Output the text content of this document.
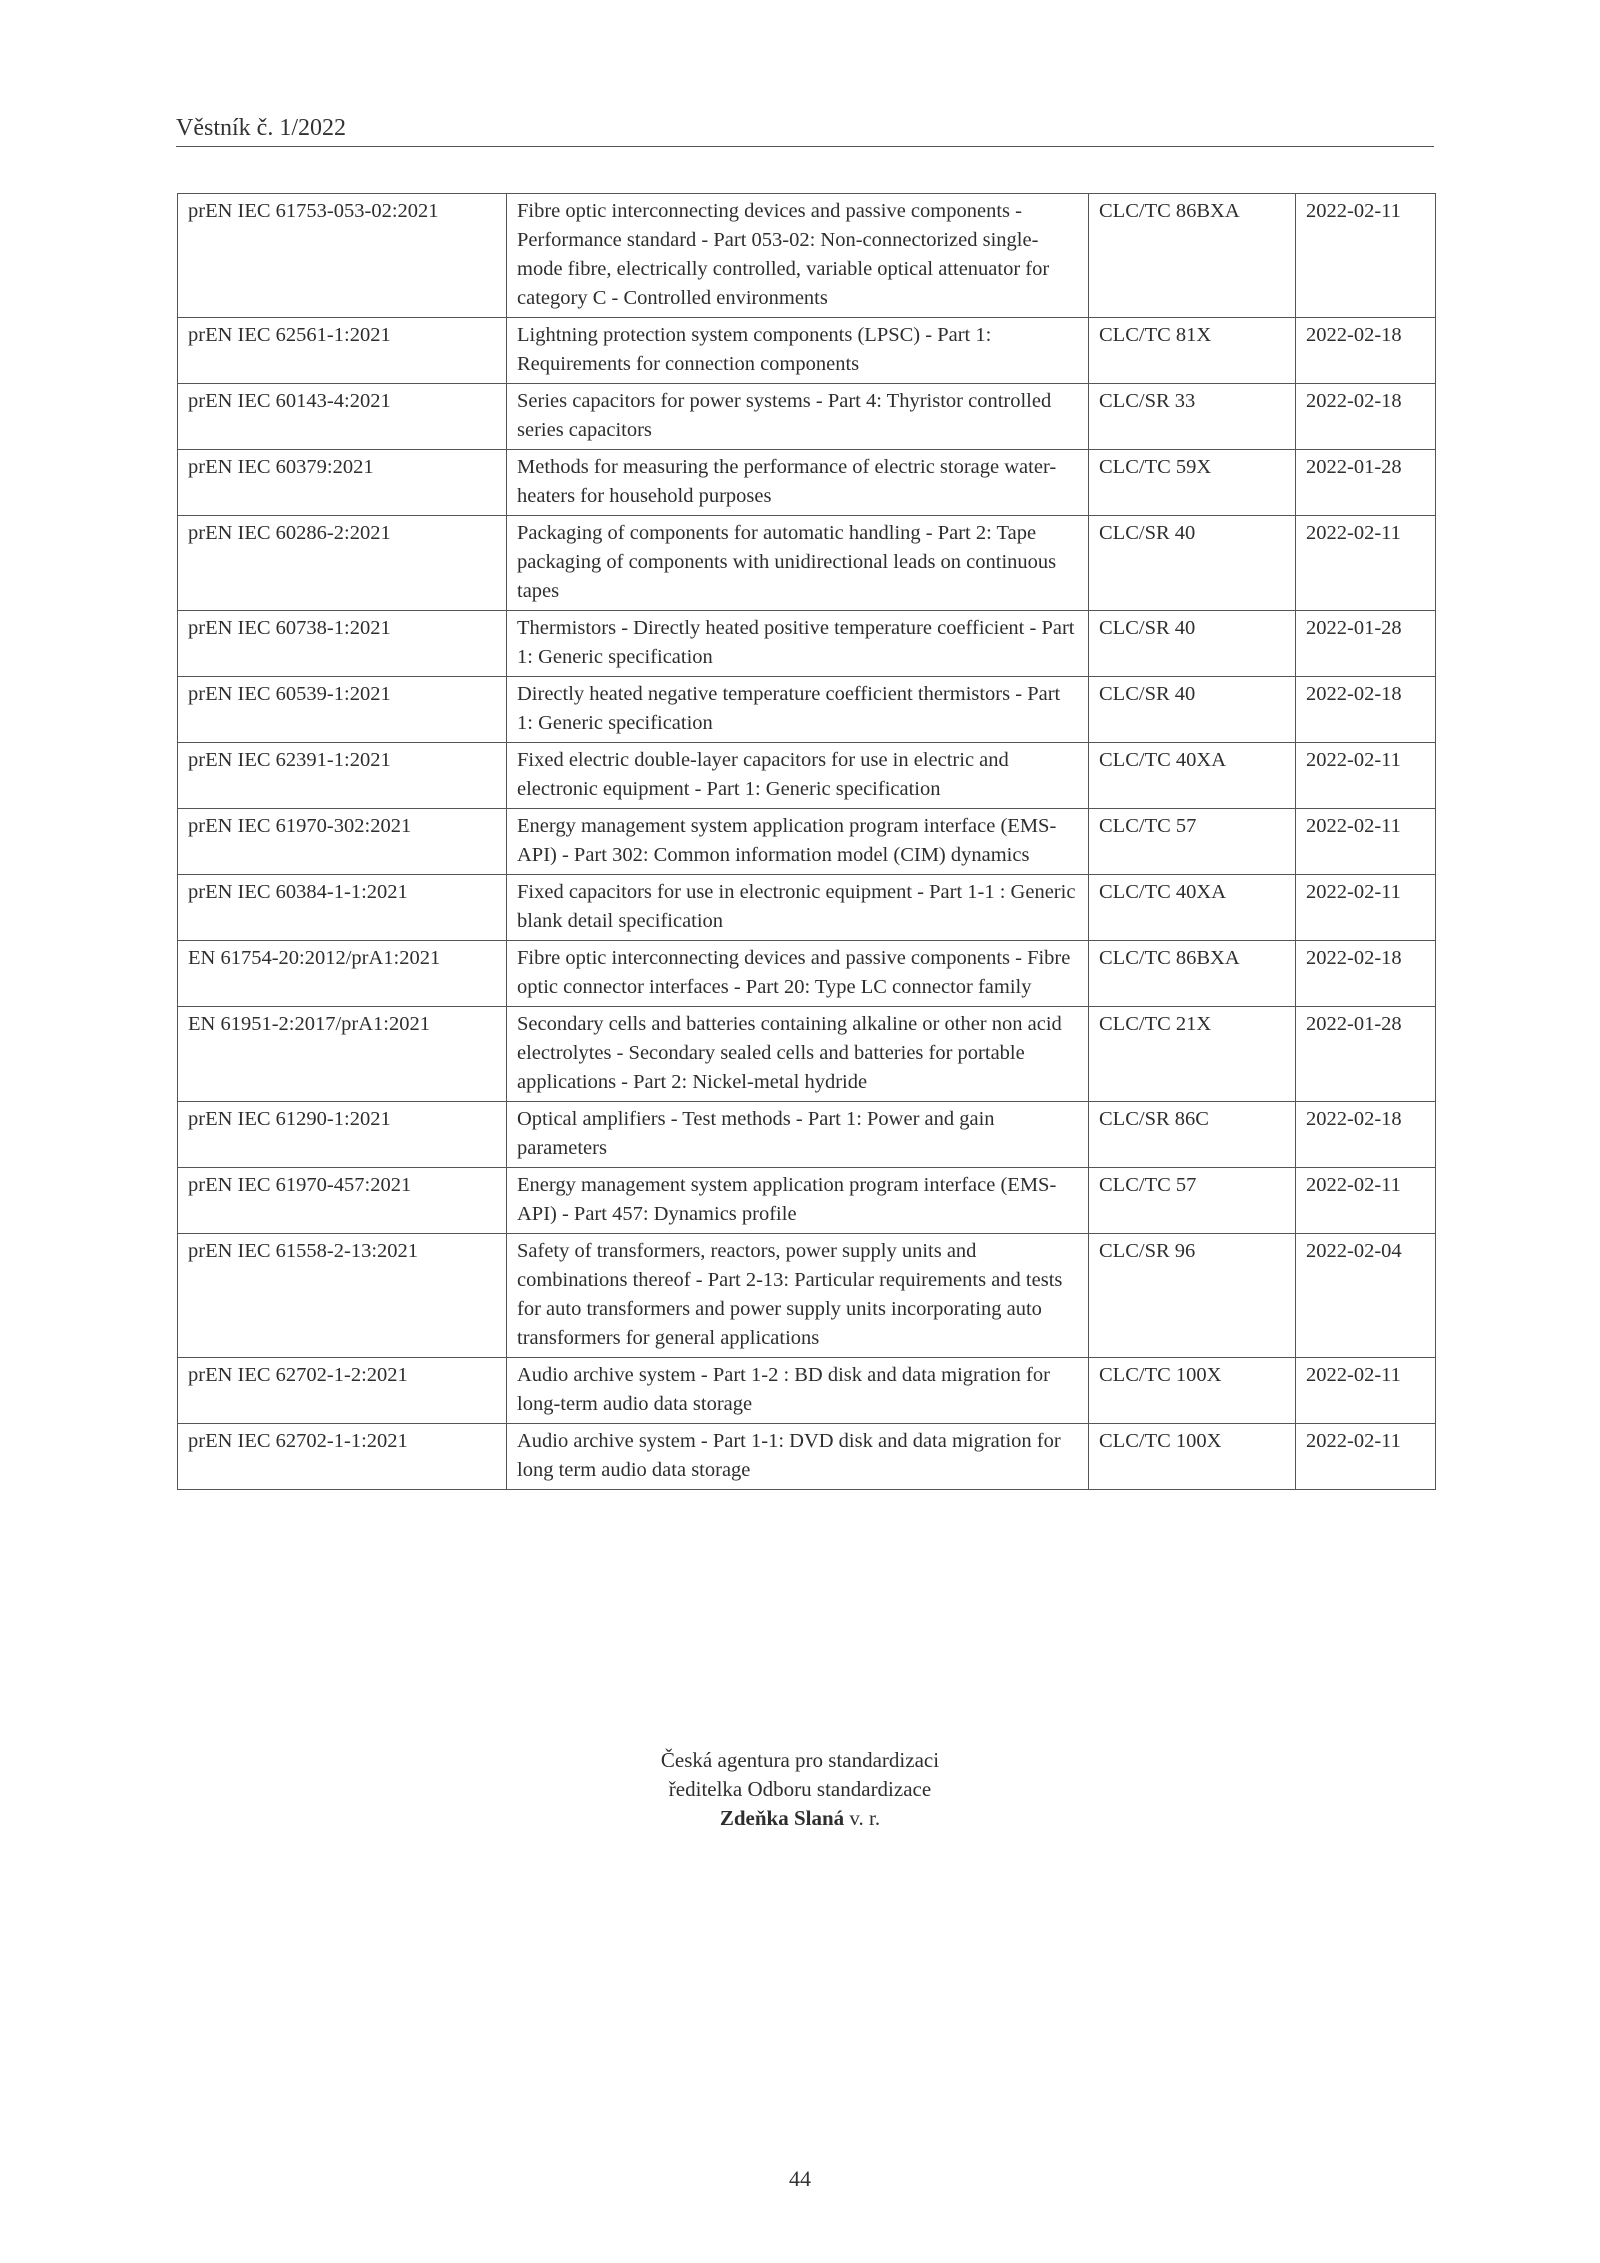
Věstník č. 1/2022
prEN IEC 61753-053-02:2021	Fibre optic interconnecting devices and passive components - Performance standard - Part 053-02: Non-connectorized single-mode fibre, electrically controlled, variable optical attenuator for category C - Controlled environments	CLC/TC 86BXA	2022-02-11
prEN IEC 62561-1:2021	Lightning protection system components (LPSC) - Part 1: Requirements for connection components	CLC/TC 81X	2022-02-18
prEN IEC 60143-4:2021	Series capacitors for power systems - Part 4: Thyristor controlled series capacitors	CLC/SR 33	2022-02-18
prEN IEC 60379:2021	Methods for measuring the performance of electric storage water-heaters for household purposes	CLC/TC 59X	2022-01-28
prEN IEC 60286-2:2021	Packaging of components for automatic handling - Part 2: Tape packaging of components with unidirectional leads on continuous tapes	CLC/SR 40	2022-02-11
prEN IEC 60738-1:2021	Thermistors - Directly heated positive temperature coefficient - Part 1: Generic specification	CLC/SR 40	2022-01-28
prEN IEC 60539-1:2021	Directly heated negative temperature coefficient thermistors - Part 1: Generic specification	CLC/SR 40	2022-02-18
prEN IEC 62391-1:2021	Fixed electric double-layer capacitors for use in electric and electronic equipment - Part 1: Generic specification	CLC/TC 40XA	2022-02-11
prEN IEC 61970-302:2021	Energy management system application program interface (EMS-API) - Part 302: Common information model (CIM) dynamics	CLC/TC 57	2022-02-11
prEN IEC 60384-1-1:2021	Fixed capacitors for use in electronic equipment - Part 1-1 : Generic blank detail specification	CLC/TC 40XA	2022-02-11
EN 61754-20:2012/prA1:2021	Fibre optic interconnecting devices and passive components - Fibre optic connector interfaces - Part 20: Type LC connector family	CLC/TC 86BXA	2022-02-18
EN 61951-2:2017/prA1:2021	Secondary cells and batteries containing alkaline or other non acid electrolytes - Secondary sealed cells and batteries for portable applications - Part 2: Nickel-metal hydride	CLC/TC 21X	2022-01-28
prEN IEC 61290-1:2021	Optical amplifiers - Test methods - Part 1: Power and gain parameters	CLC/SR 86C	2022-02-18
prEN IEC 61970-457:2021	Energy management system application program interface (EMS-API) - Part 457: Dynamics profile	CLC/TC 57	2022-02-11
prEN IEC 61558-2-13:2021	Safety of transformers, reactors, power supply units and combinations thereof - Part 2-13: Particular requirements and tests for auto transformers and power supply units incorporating auto transformers for general applications	CLC/SR 96	2022-02-04
prEN IEC 62702-1-2:2021	Audio archive system - Part 1-2 : BD disk and data migration for long-term audio data storage	CLC/TC 100X	2022-02-11
prEN IEC 62702-1-1:2021	Audio archive system - Part 1-1: DVD disk and data migration for long term audio data storage	CLC/TC 100X	2022-02-11
Česká agentura pro standardizaci
ředitelka Odboru standardizace
Zdeňka Slaná v. r.
44
